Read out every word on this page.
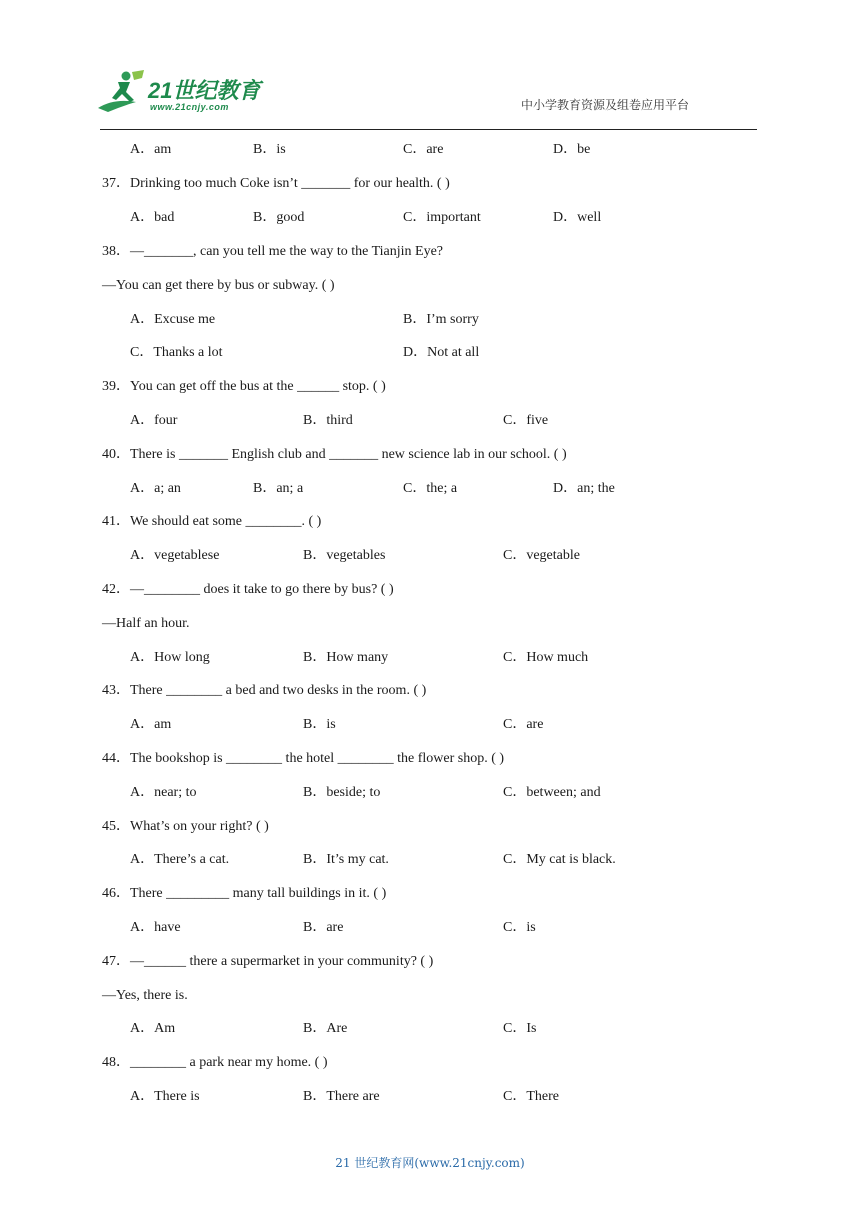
21世纪教育
www.21cnjy.com	中小学教育资源及组卷应用平台
A．am	B．is	C．are	D．be
37．Drinking too much Coke isn’t _______ for our health. ( )
A．bad	B．good	C．important	D．well
38．—_______, can you tell me the way to the Tianjin Eye?
—You can get there by bus or subway. ( )
A．Excuse me	B．I’m sorry
C．Thanks a lot	D．Not at all
39．You can get off the bus at the ______ stop. ( )
A．four	B．third	C．five
40．There is _______ English club and _______ new science lab in our school. ( )
A．a; an	B．an; a	C．the; a	D．an; the
41．We should eat some ________. ( )
A．vegetablese	B．vegetables	C．vegetable
42．—________ does it take to go there by bus? ( )
—Half an hour.
A．How long	B．How many	C．How much
43．There ________ a bed and two desks in the room. ( )
A．am	B．is	C．are
44．The bookshop is ________ the hotel ________ the flower shop. ( )
A．near; to	B．beside; to	C．between; and
45．What’s on your right? ( )
A．There’s a cat.	B．It’s my cat.	C．My cat is black.
46．There _________ many tall buildings in it. ( )
A．have	B．are	C．is
47．—______ there a supermarket in your community? ( )
—Yes, there is.
A．Am	B．Are	C．Is
48．________ a park near my home. ( )
A．There is	B．There are	C．There
21 世纪教育网(www.21cnjy.com)
